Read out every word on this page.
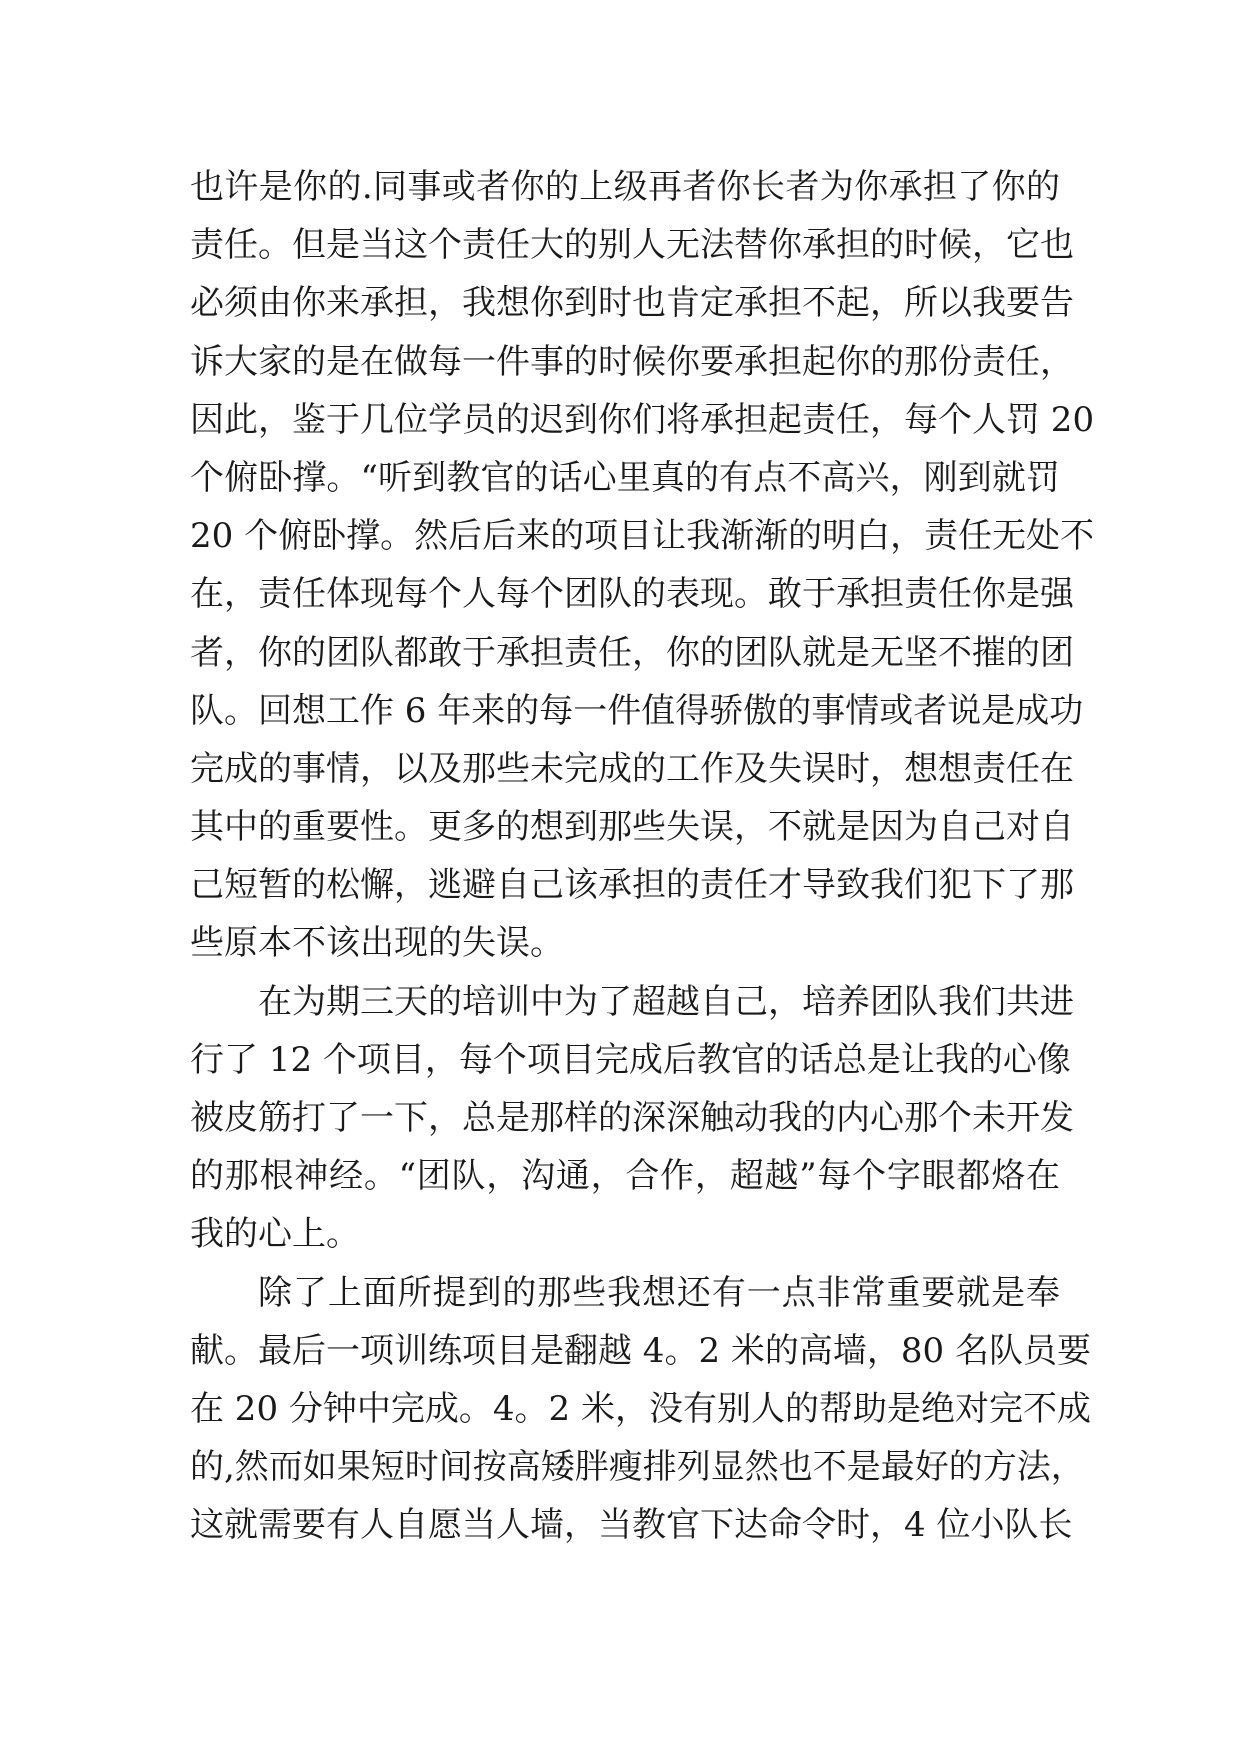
也许是你的.同事或者你的上级再者你长者为你承担了你的
责任。但是当这个责任大的别人无法替你承担的时候，它也
必须由你来承担，我想你到时也肯定承担不起，所以我要告
诉大家的是在做每一件事的时候你要承担起你的那份责任，
因此，鉴于几位学员的迟到你们将承担起责任，每个人罚 20
个俯卧撑。“听到教官的话心里真的有点不高兴，刚到就罚
20 个俯卧撑。然后后来的项目让我渐渐的明白，责任无处不
在，责任体现每个人每个团队的表现。敢于承担责任你是强
者，你的团队都敢于承担责任，你的团队就是无坚不摧的团
队。回想工作 6 年来的每一件值得骄傲的事情或者说是成功
完成的事情，以及那些未完成的工作及失误时，想想责任在
其中的重要性。更多的想到那些失误，不就是因为自己对自
己短暂的松懈，逃避自己该承担的责任才导致我们犯下了那
些原本不该出现的失误。
在为期三天的培训中为了超越自己，培养团队我们共进
行了 12 个项目，每个项目完成后教官的话总是让我的心像
被皮筋打了一下，总是那样的深深触动我的内心那个未开发
的那根神经。“团队，沟通，合作，超越”每个字眼都烙在
我的心上。
除了上面所提到的那些我想还有一点非常重要就是奉
献。最后一项训练项目是翻越 4。2 米的高墙，80 名队员要
在 20 分钟中完成。4。2 米，没有别人的帮助是绝对完不成
的,然而如果短时间按高矮胖瘦排列显然也不是最好的方法，
这就需要有人自愿当人墙，当教官下达命令时，4 位小队长
